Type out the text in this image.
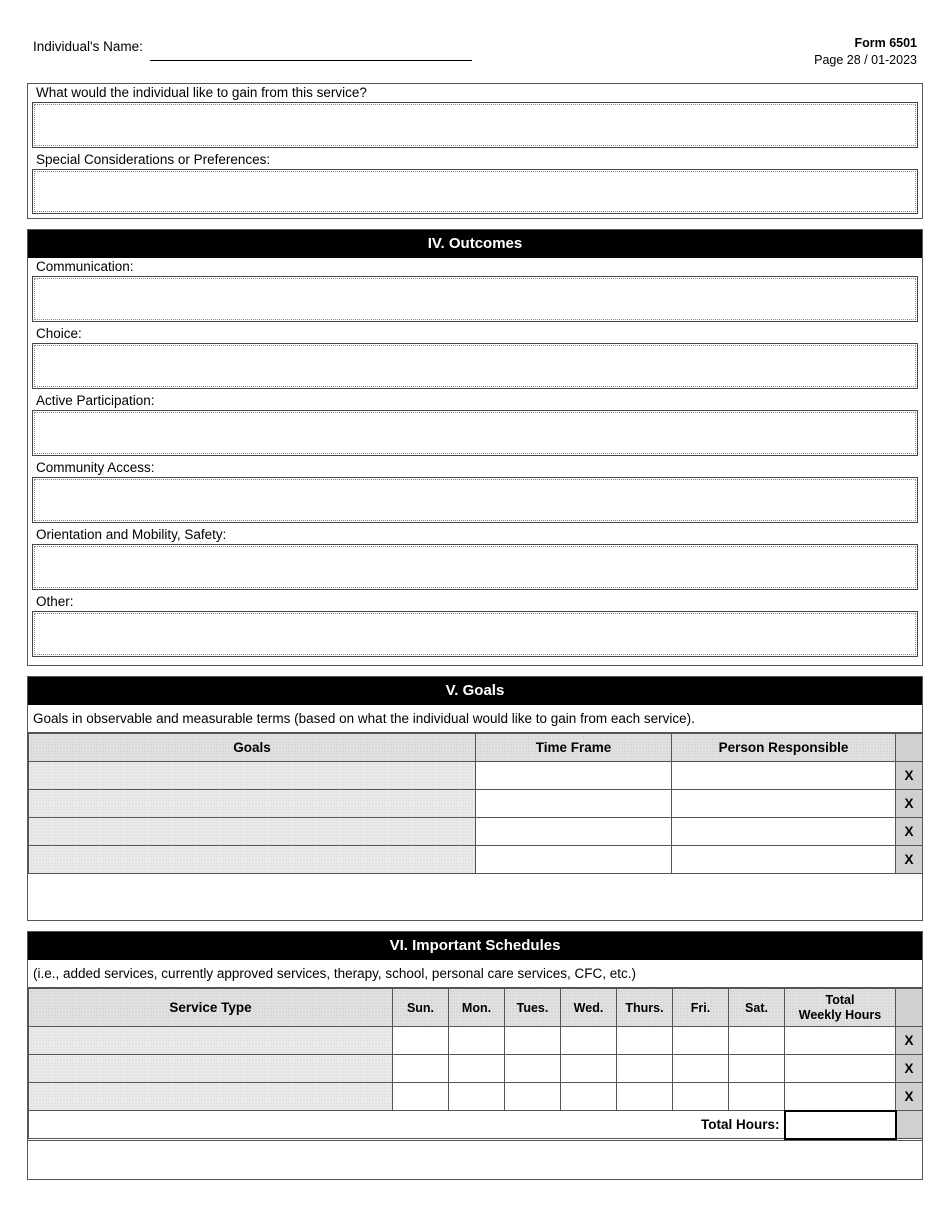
Individual's Name:	Form 6501
Page 28 / 01-2023
What would the individual like to gain from this service?
Special Considerations or Preferences:
IV. Outcomes
Communication:
Choice:
Active Participation:
Community Access:
Orientation and Mobility, Safety:
Other:
V. Goals
Goals in observable and measurable terms (based on what the individual would like to gain from each service).
Goals	Time Frame	Person Responsible	
			X
			X
			X
			X
VI. Important Schedules
(i.e., added services, currently approved services, therapy, school, personal care services, CFC, etc.)
Service Type	Sun.	Mon.	Tues.	Wed.	Thurs.	Fri.	Sat.	Total
Weekly Hours	

									X
									X
									X
Total Hours:									
